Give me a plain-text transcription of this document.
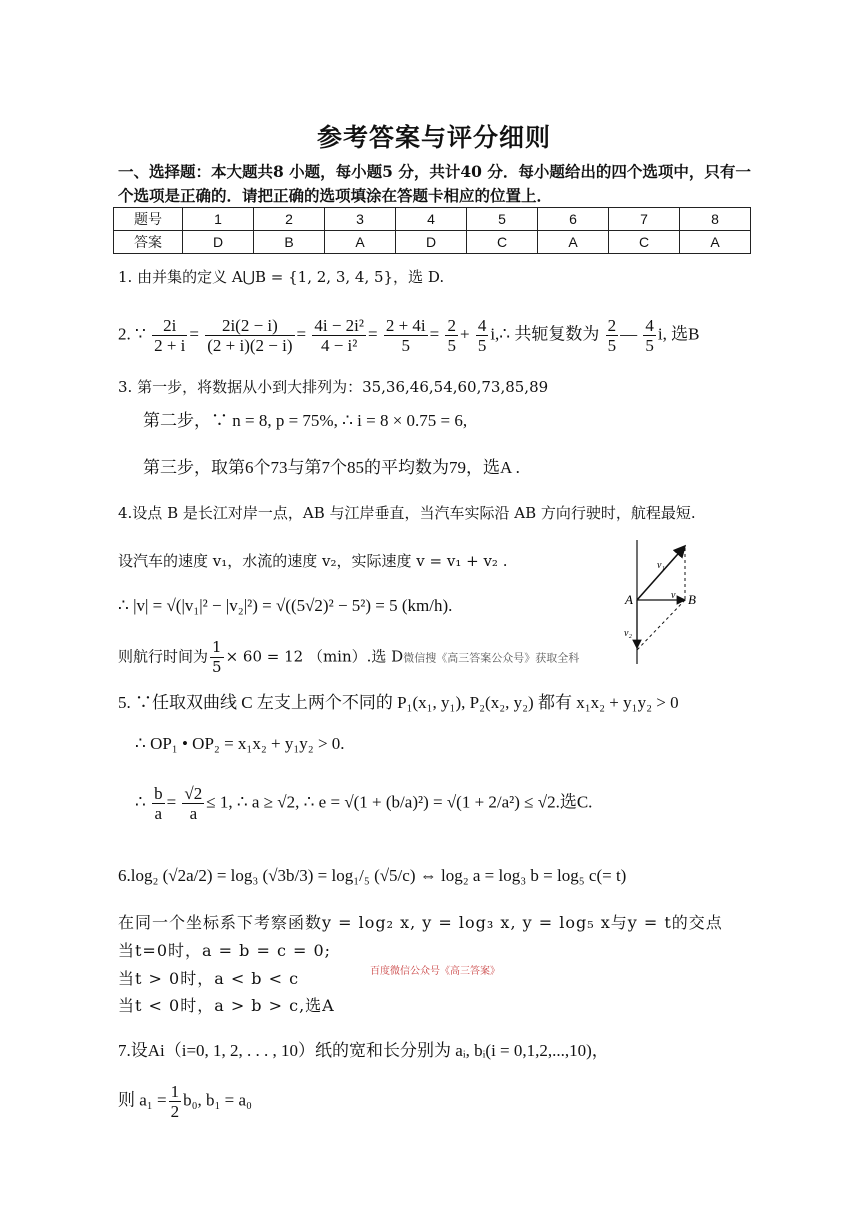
参考答案与评分细则
一、选择题：本大题共8 小题，每小题5 分，共计40 分．每小题给出的四个选项中，只有一个选项是正确的．请把正确的选项填涂在答题卡相应的位置上．
题号	1	2	3	4	5	6	7	8
答案	D	B	A	D	C	A	C	A
1. 由并集的定义 A⋃B = {1, 2, 3, 4, 5}，选 D.
2. ∵ $\frac{2i}{2 + i} = \frac{2i(2 - i)}{(2 + i)(2 - i)} = \frac{\text{4i − 2i²}}{\text{4 − i²}} = \frac{2 + 4i}{5} = \frac{2}{5} + \frac{4}{5}$ i,∴ 共轭复数为 $\frac{2}{5}$ — $\frac{4}{5} i$, 选B
3. 第一步，将数据从小到大排列为：35,36,46,54,60,73,85,89
第二步，∵ n = 8, p = 75%, ∴ i = 8 × 0.75 = 6,
第三步，取第6个73与第7个85的平均数为79，选A .
4.设点 B 是长江对岸一点，AB 与江岸垂直，当汽车实际沿 AB 方向行驶时，航程最短.
设汽车的速度 v₁，水流的速度 v₂，实际速度 v = v₁ + v₂ .
∴ |v| = √(|v₁|² − |v₂|²) = √((5√2)² − 5²) = 5 (km/h).
则航行时间为 $\frac{1}{5} \times 60 = 12$ （min）.选 D微信搜《高三答案公众号》获取全科
A	B
v₁
v
v₂
5. ∵任取双曲线 C 左支上两个不同的 P₁(x₁, y₁), P₂(x₂, y₂) 都有 x₁x₂ + y₁y₂ > 0
∴ OP₁ • OP₂ = x₁x₂ + y₁y₂ > 0.
∴ $\frac{b}{a} = \frac{√2}{a} \le 1$, ∴ a ≥ √2, ∴ e = √(1 + (b/a)²) = √(1 + 2/a²) ≤ √2.选C.
6.log₂ (√2a/2) = log₃ (√3b/3) = log₁/₅ (√5/c) ⇔ log₂ a = log₃ b = log₅ c(= t)
在同一个坐标系下考察函数y = log₂ x, y = log₃ x, y = log₅ x与y = t的交点
当t=0时，a = b = c = 0;
当t > 0时，a < b < c	百度微信公众号《高三答案》
当t < 0时，a > b > c,选A
7.设Ai（i=0, 1, 2, . . . , 10）纸的宽和长分别为 aᵢ, bᵢ(i = 0,1,2,...,10)，
则 $a_1 = \frac{1}{2} b_0$, b₁ = a₀
